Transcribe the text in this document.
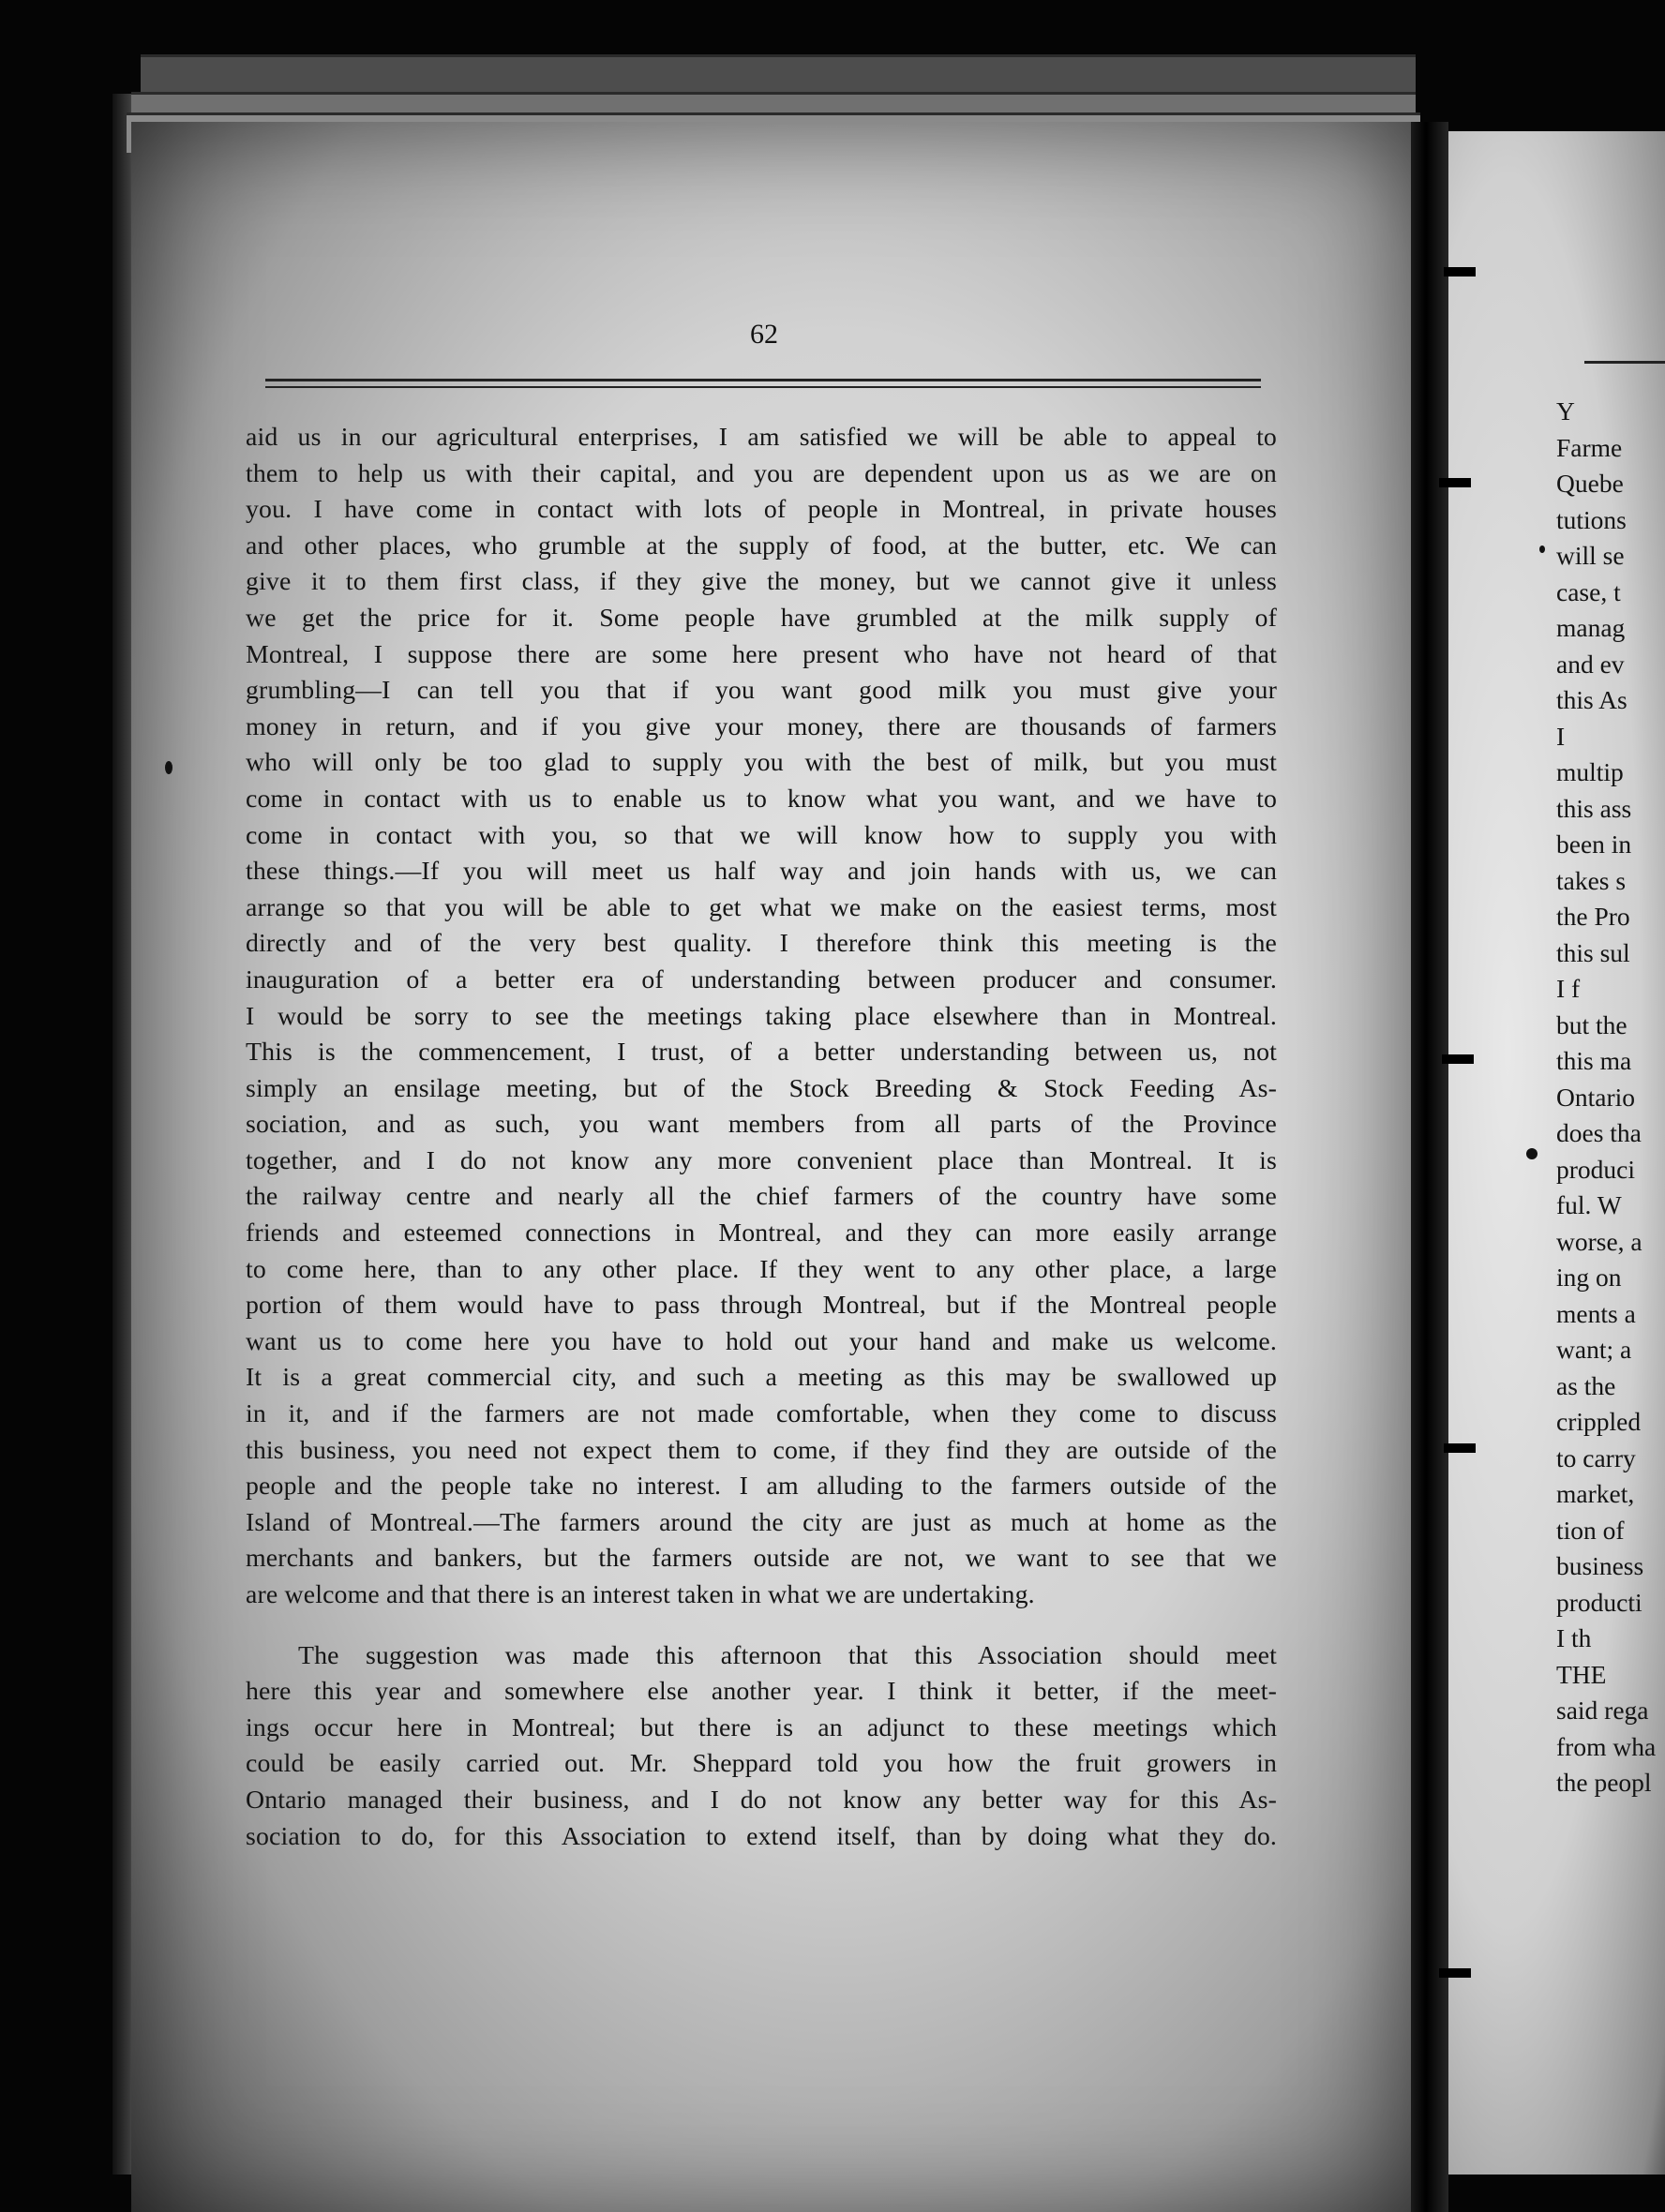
62

aid us in our agricultural enterprises, I am satisfied we will be able to appeal to
them to help us with their capital, and you are dependent upon us as we are on
you. I have come in contact with lots of people in Montreal, in private houses
and other places, who grumble at the supply of food, at the butter, etc. We can
give it to them first class, if they give the money, but we cannot give it unless
we get the price for it. Some people have grumbled at the milk supply of
Montreal, I suppose there are some here present who have not heard of that
grumbling—I can tell you that if you want good milk you must give your
money in return, and if you give your money, there are thousands of farmers
who will only be too glad to supply you with the best of milk, but you must
come in contact with us to enable us to know what you want, and we have to
come in contact with you, so that we will know how to supply you with
these things.—If you will meet us half way and join hands with us, we can
arrange so that you will be able to get what we make on the easiest terms, most
directly and of the very best quality. I therefore think this meeting is the
inauguration of a better era of understanding between producer and consumer.
I would be sorry to see the meetings taking place elsewhere than in Montreal.
This is the commencement, I trust, of a better understanding between us, not
simply an ensilage meeting, but of the Stock Breeding & Stock Feeding As-
sociation, and as such, you want members from all parts of the Province
together, and I do not know any more convenient place than Montreal. It is
the railway centre and nearly all the chief farmers of the country have some
friends and esteemed connections in Montreal, and they can more easily arrange
to come here, than to any other place. If they went to any other place, a large
portion of them would have to pass through Montreal, but if the Montreal people
want us to come here you have to hold out your hand and make us welcome.
It is a great commercial city, and such a meeting as this may be swallowed up
in it, and if the farmers are not made comfortable, when they come to discuss
this business, you need not expect them to come, if they find they are outside of the
people and the people take no interest. I am alluding to the farmers outside of the
Island of Montreal.—The farmers around the city are just as much at home as the
merchants and bankers, but the farmers outside are not, we want to see that we
are welcome and that there is an interest taken in what we are undertaking.

The suggestion was made this afternoon that this Association should meet
here this year and somewhere else another year. I think it better, if the meet-
ings occur here in Montreal; but there is an adjunct to these meetings which
could be easily carried out. Mr. Sheppard told you how the fruit growers in
Ontario managed their business, and I do not know any better way for this As-
sociation to do, for this Association to extend itself, than by doing what they do.

Y
Farme
Quebe
tutions
will se
case, t
manag
and ev
this As
I
multip
this ass
been in
takes s
the Pro
this sul
I f
but the
this ma
Ontario
does tha
produci
ful. W
worse, a
ing on
ments a
want; a
as the
crippled
to carry
market,
tion of
business
producti
I th
THE
said rega
from wha
the peopl
